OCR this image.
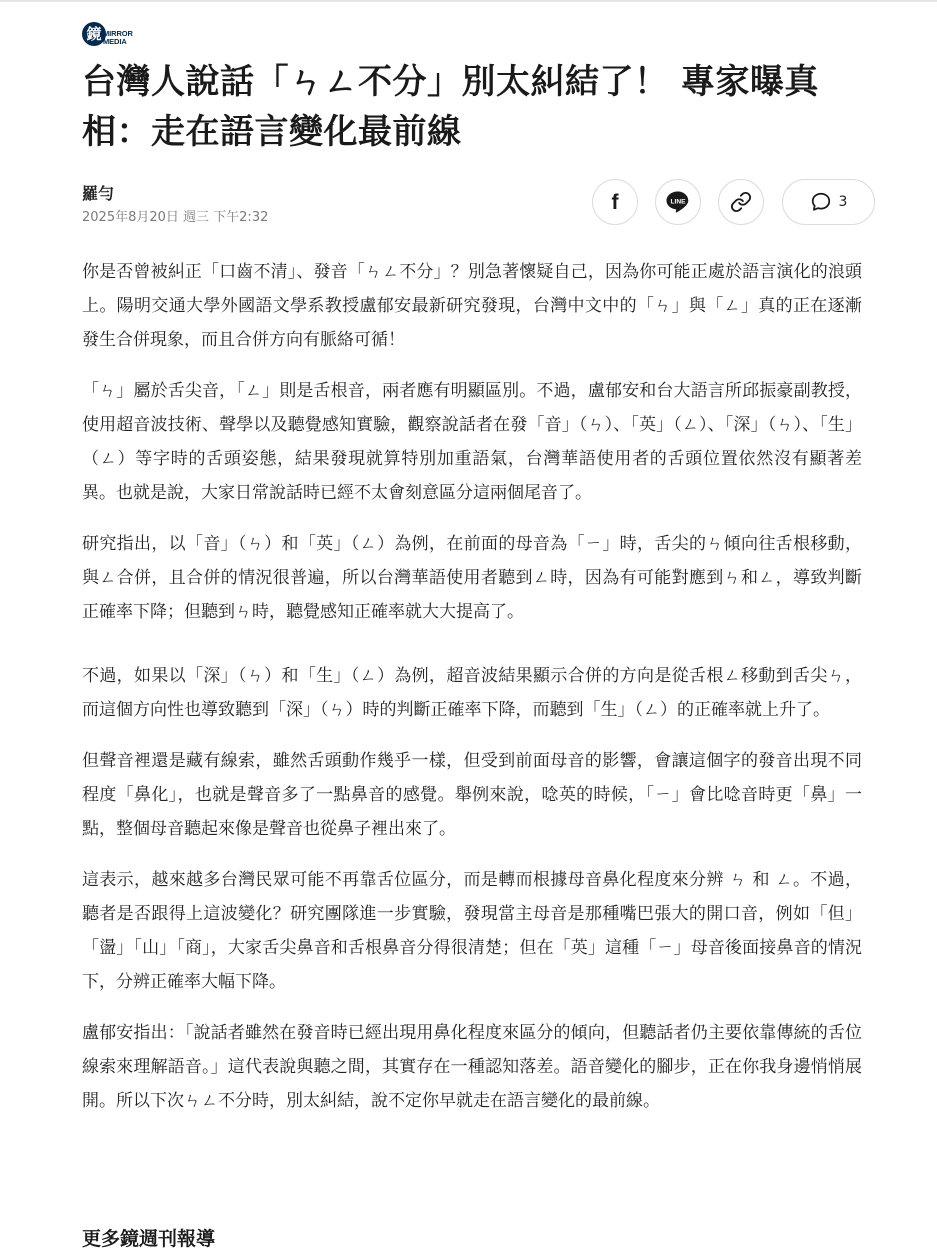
鏡 MIRROR
MEDIA
台灣人說話「ㄣㄥ不分」別太糾結了！ 專家曝真相：走在語言變化最前線
羅勻
2025年8月20日 週三 下午2:32
f	LINE	3

你是否曾被糾正「口齒不清」、發音「ㄣㄥ不分」？別急著懷疑自己，因為你可能正處於語言演化的浪頭上。陽明交通大學外國語文學系教授盧郁安最新研究發現，台灣中文中的「ㄣ」與「ㄥ」真的正在逐漸發生合併現象，而且合併方向有脈絡可循！

「ㄣ」屬於舌尖音，「ㄥ」則是舌根音，兩者應有明顯區別。不過，盧郁安和台大語言所邱振豪副教授，使用超音波技術、聲學以及聽覺感知實驗，觀察說話者在發「音」（ㄣ）、「英」（ㄥ）、「深」（ㄣ）、「生」（ㄥ）等字時的舌頭姿態，結果發現就算特別加重語氣，台灣華語使用者的舌頭位置依然沒有顯著差異。也就是說，大家日常說話時已經不太會刻意區分這兩個尾音了。

研究指出，以「音」（ㄣ）和「英」（ㄥ）為例，在前面的母音為「ㄧ」時，舌尖的ㄣ傾向往舌根移動，與ㄥ合併，且合併的情況很普遍，所以台灣華語使用者聽到ㄥ時，因為有可能對應到ㄣ和ㄥ，導致判斷正確率下降；但聽到ㄣ時，聽覺感知正確率就大大提高了。

不過，如果以「深」（ㄣ）和「生」（ㄥ）為例，超音波結果顯示合併的方向是從舌根ㄥ移動到舌尖ㄣ，而這個方向性也導致聽到「深」（ㄣ）時的判斷正確率下降，而聽到「生」（ㄥ）的正確率就上升了。

但聲音裡還是藏有線索，雖然舌頭動作幾乎一樣，但受到前面母音的影響，會讓這個字的發音出現不同程度「鼻化」，也就是聲音多了一點鼻音的感覺。舉例來說，唸英的時候，「ㄧ」會比唸音時更「鼻」一點，整個母音聽起來像是聲音也從鼻子裡出來了。

這表示，越來越多台灣民眾可能不再靠舌位區分，而是轉而根據母音鼻化程度來分辨 ㄣ 和 ㄥ。不過，聽者是否跟得上這波變化？研究團隊進一步實驗，發現當主母音是那種嘴巴張大的開口音，例如「但」「盪」「山」「商」，大家舌尖鼻音和舌根鼻音分得很清楚；但在「英」這種「ㄧ」母音後面接鼻音的情況下，分辨正確率大幅下降。

盧郁安指出：「說話者雖然在發音時已經出現用鼻化程度來區分的傾向，但聽話者仍主要依靠傳統的舌位線索來理解語音。」這代表說與聽之間，其實存在一種認知落差。語音變化的腳步，正在你我身邊悄悄展開。所以下次ㄣㄥ不分時，別太糾結，說不定你早就走在語言變化的最前線。

更多鏡週刊報導
